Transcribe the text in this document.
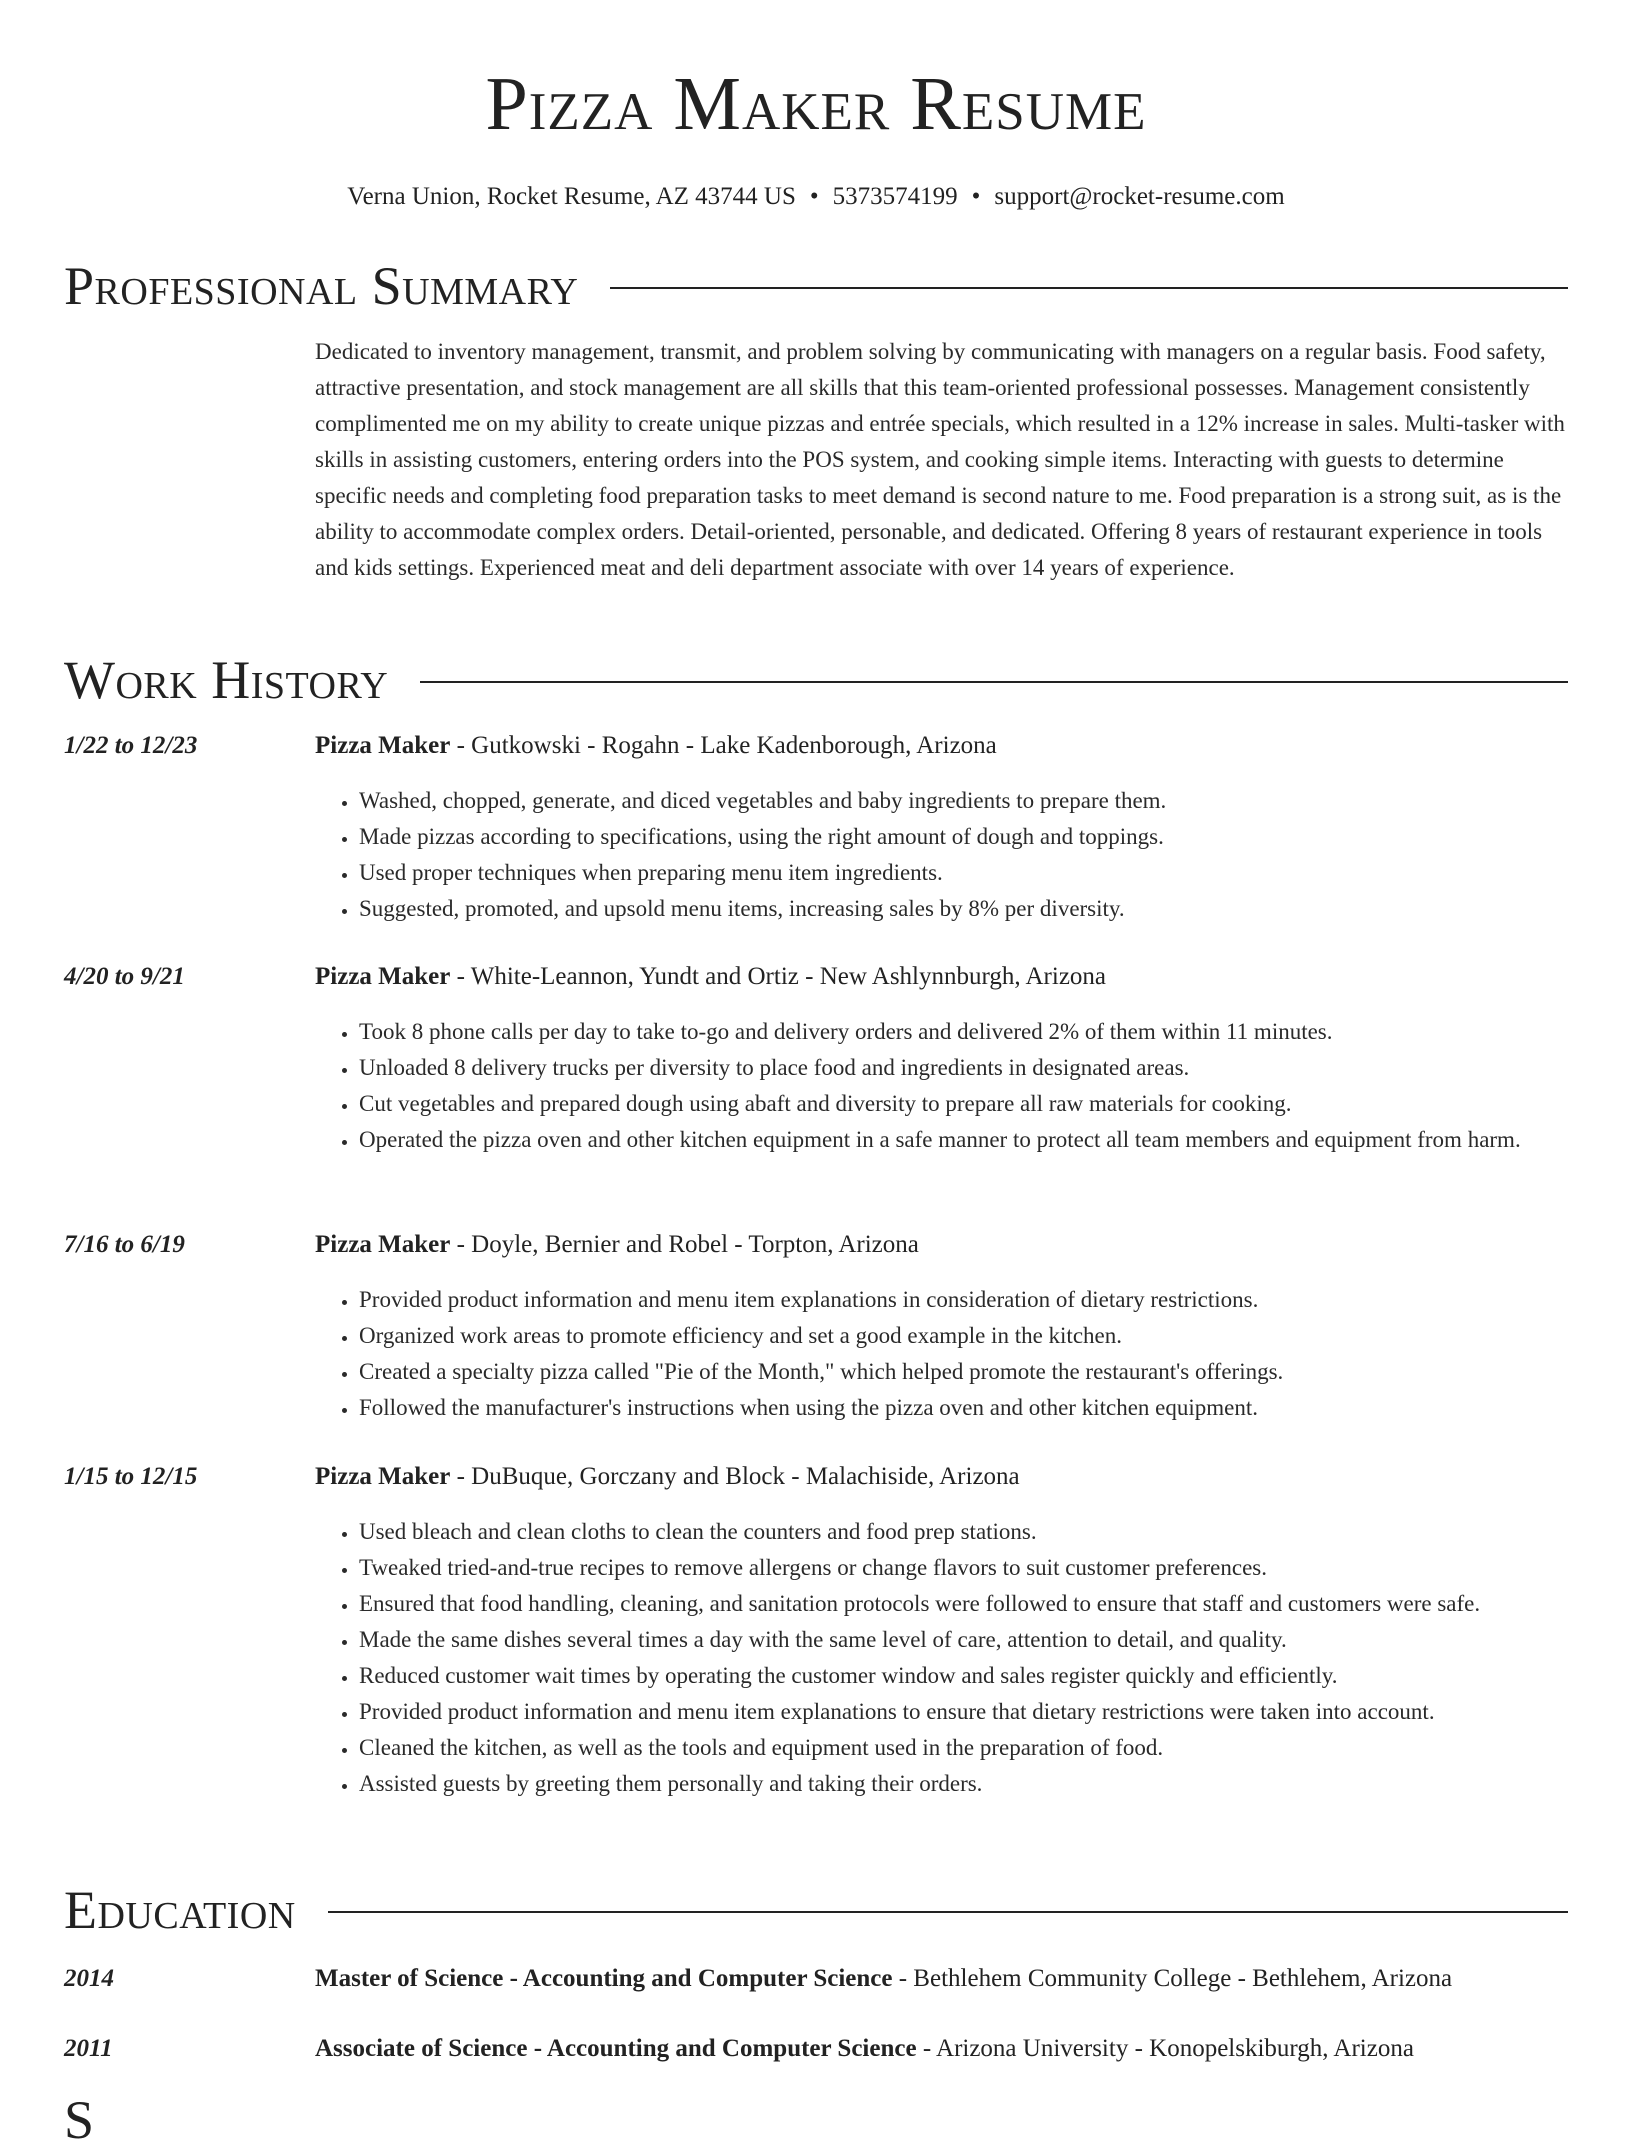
Pizza Maker Resume
Verna Union, Rocket Resume, AZ 43744 US • 5373574199 • support@rocket-resume.com
Professional Summary

Dedicated to inventory management, transmit, and problem solving by communicating with managers on a regular basis. Food safety, attractive presentation, and stock management are all skills that this team-oriented professional possesses. Management consistently complimented me on my ability to create unique pizzas and entrée specials, which resulted in a 12% increase in sales. Multi-tasker with skills in assisting customers, entering orders into the POS system, and cooking simple items. Interacting with guests to determine specific needs and completing food preparation tasks to meet demand is second nature to me. Food preparation is a strong suit, as is the ability to accommodate complex orders. Detail-oriented, personable, and dedicated. Offering 8 years of restaurant experience in tools and kids settings. Experienced meat and deli department associate with over 14 years of experience.

Work History
1/22 to 12/23	Pizza Maker - Gutkowski - Rogahn - Lake Kadenborough, Arizona
• Washed, chopped, generate, and diced vegetables and baby ingredients to prepare them.
• Made pizzas according to specifications, using the right amount of dough and toppings.
• Used proper techniques when preparing menu item ingredients.
• Suggested, promoted, and upsold menu items, increasing sales by 8% per diversity.
4/20 to 9/21	Pizza Maker - White-Leannon, Yundt and Ortiz - New Ashlynnburgh, Arizona
• Took 8 phone calls per day to take to-go and delivery orders and delivered 2% of them within 11 minutes.
• Unloaded 8 delivery trucks per diversity to place food and ingredients in designated areas.
• Cut vegetables and prepared dough using abaft and diversity to prepare all raw materials for cooking.
• Operated the pizza oven and other kitchen equipment in a safe manner to protect all team members and equipment from harm.
7/16 to 6/19	Pizza Maker - Doyle, Bernier and Robel - Torpton, Arizona
• Provided product information and menu item explanations in consideration of dietary restrictions.
• Organized work areas to promote efficiency and set a good example in the kitchen.
• Created a specialty pizza called "Pie of the Month," which helped promote the restaurant's offerings.
• Followed the manufacturer's instructions when using the pizza oven and other kitchen equipment.
1/15 to 12/15	Pizza Maker - DuBuque, Gorczany and Block - Malachiside, Arizona
• Used bleach and clean cloths to clean the counters and food prep stations.
• Tweaked tried-and-true recipes to remove allergens or change flavors to suit customer preferences.
• Ensured that food handling, cleaning, and sanitation protocols were followed to ensure that staff and customers were safe.
• Made the same dishes several times a day with the same level of care, attention to detail, and quality.
• Reduced customer wait times by operating the customer window and sales register quickly and efficiently.
• Provided product information and menu item explanations to ensure that dietary restrictions were taken into account.
• Cleaned the kitchen, as well as the tools and equipment used in the preparation of food.
• Assisted guests by greeting them personally and taking their orders.
Education
2014	Master of Science - Accounting and Computer Science - Bethlehem Community College - Bethlehem, Arizona
2011	Associate of Science - Accounting and Computer Science - Arizona University - Konopelskiburgh, Arizona
S
